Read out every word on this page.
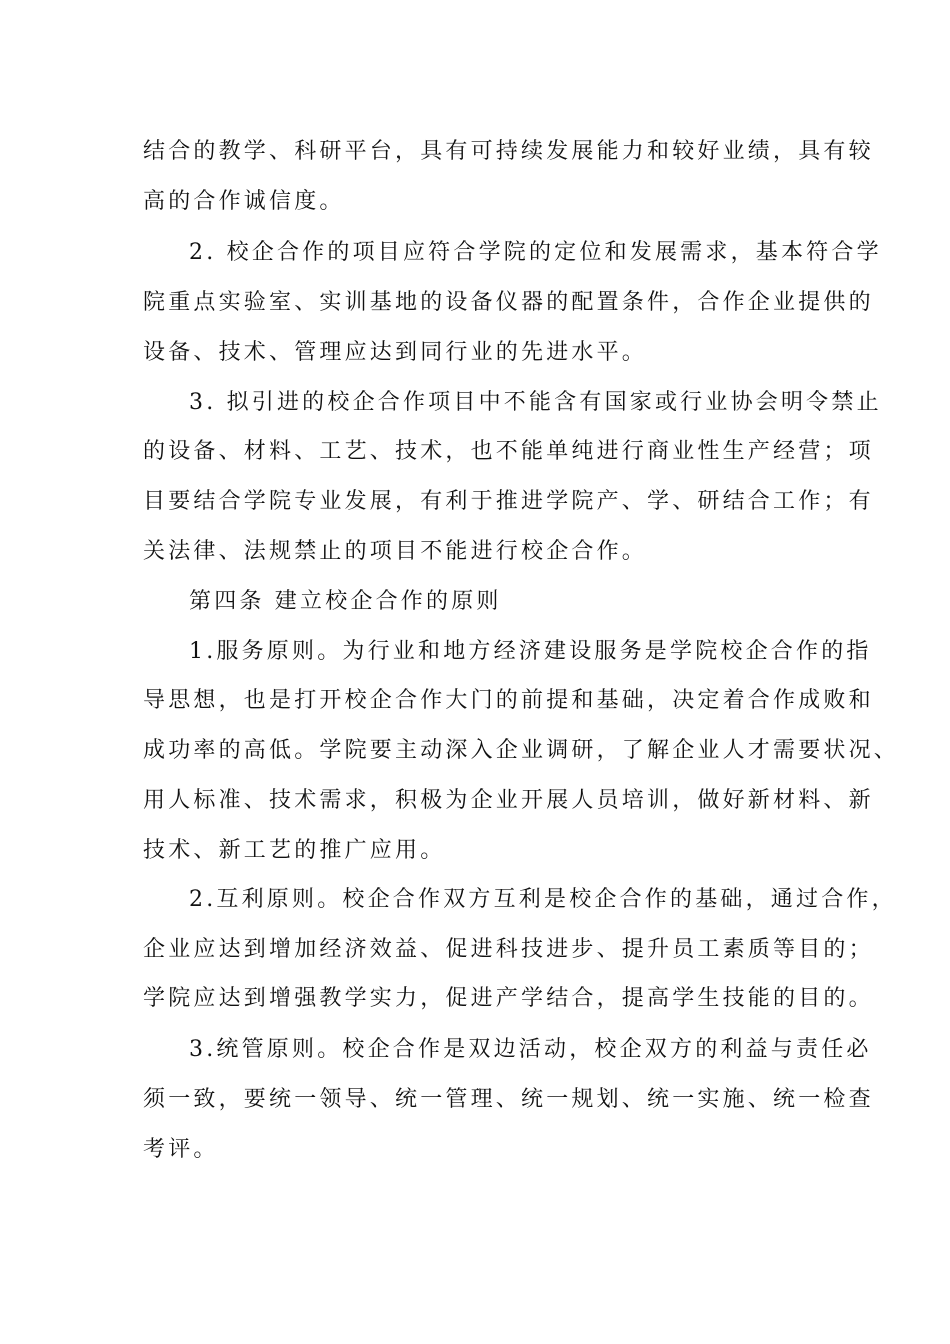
结合的教学、科研平台，具有可持续发展能力和较好业绩，具有较
高的合作诚信度。
2. 校企合作的项目应符合学院的定位和发展需求，基本符合学
院重点实验室、实训基地的设备仪器的配置条件，合作企业提供的
设备、技术、管理应达到同行业的先进水平。
3. 拟引进的校企合作项目中不能含有国家或行业协会明令禁止
的设备、材料、工艺、技术，也不能单纯进行商业性生产经营；项
目要结合学院专业发展，有利于推进学院产、学、研结合工作；有
关法律、法规禁止的项目不能进行校企合作。
第四条 建立校企合作的原则
1.服务原则。为行业和地方经济建设服务是学院校企合作的指
导思想，也是打开校企合作大门的前提和基础，决定着合作成败和
成功率的高低。学院要主动深入企业调研，了解企业人才需要状况、
用人标准、技术需求，积极为企业开展人员培训，做好新材料、新
技术、新工艺的推广应用。
2.互利原则。校企合作双方互利是校企合作的基础，通过合作，
企业应达到增加经济效益、促进科技进步、提升员工素质等目的；
学院应达到增强教学实力，促进产学结合，提高学生技能的目的。
3.统管原则。校企合作是双边活动，校企双方的利益与责任必
须一致，要统一领导、统一管理、统一规划、统一实施、统一检查
考评。
